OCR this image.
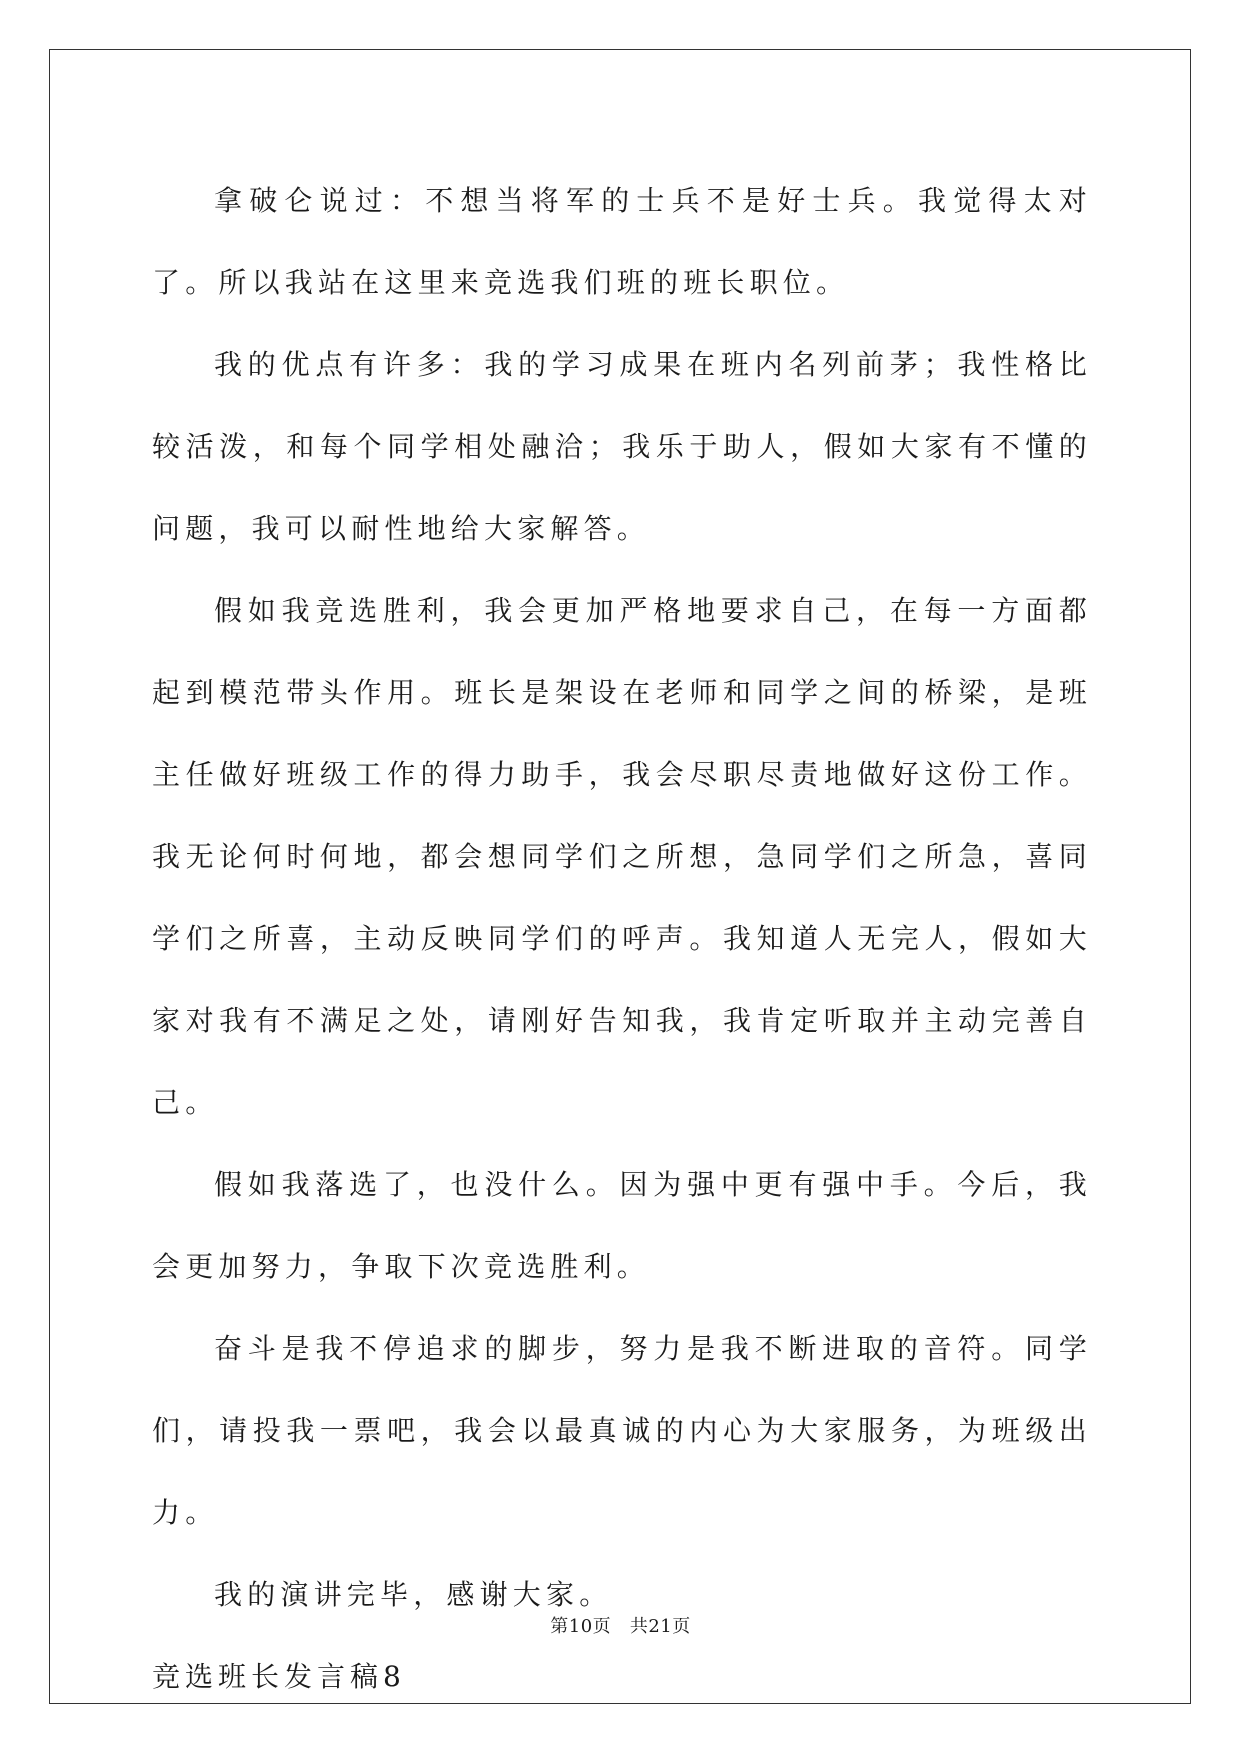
拿破仑说过：不想当将军的士兵不是好士兵。我觉得太对了。所以我站在这里来竞选我们班的班长职位。

我的优点有许多：我的学习成果在班内名列前茅；我性格比较活泼，和每个同学相处融洽；我乐于助人，假如大家有不懂的问题，我可以耐性地给大家解答。

假如我竞选胜利，我会更加严格地要求自己，在每一方面都起到模范带头作用。班长是架设在老师和同学之间的桥梁，是班主任做好班级工作的得力助手，我会尽职尽责地做好这份工作。我无论何时何地，都会想同学们之所想，急同学们之所急，喜同学们之所喜，主动反映同学们的呼声。我知道人无完人，假如大家对我有不满足之处，请刚好告知我，我肯定听取并主动完善自己。

假如我落选了，也没什么。因为强中更有强中手。今后，我会更加努力，争取下次竞选胜利。

奋斗是我不停追求的脚步，努力是我不断进取的音符。同学们，请投我一票吧，我会以最真诚的内心为大家服务，为班级出力。

我的演讲完毕，感谢大家。

竞选班长发言稿8

第10页 共21页
